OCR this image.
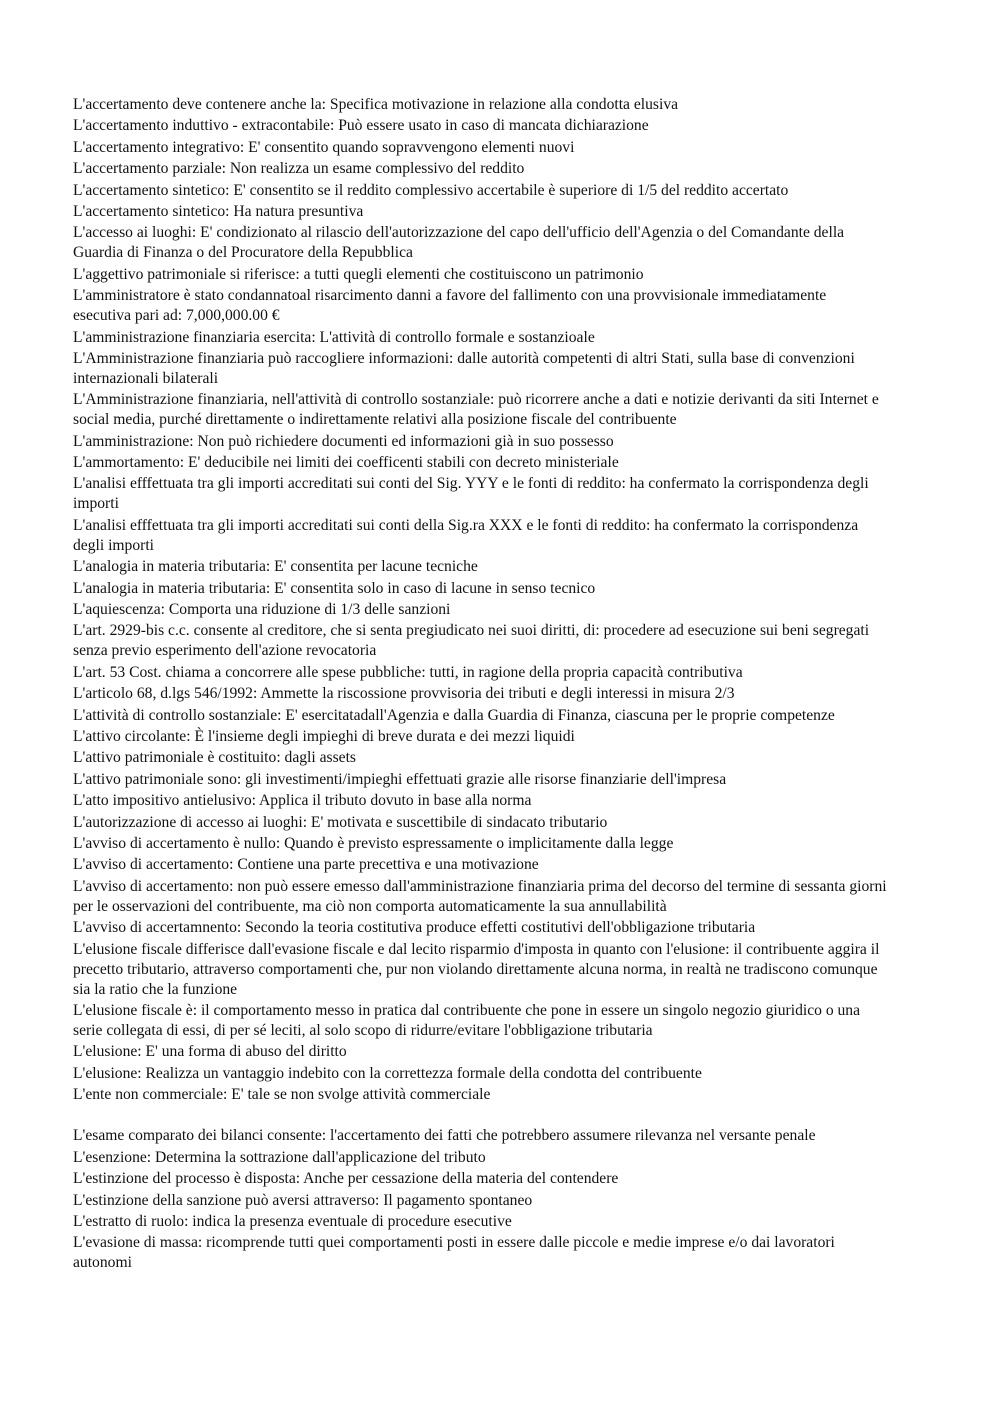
L'accertamento deve contenere anche la: Specifica motivazione in relazione alla condotta elusiva

L'accertamento induttivo - extracontabile: Può essere usato in caso di mancata dichiarazione

L'accertamento integrativo: E' consentito quando sopravvengono elementi nuovi

L'accertamento parziale: Non realizza un esame complessivo del reddito

L'accertamento sintetico: E' consentito se il reddito complessivo accertabile è superiore di 1/5 del reddito accertato

L'accertamento sintetico: Ha natura presuntiva

L'accesso ai luoghi: E' condizionato al rilascio dell'autorizzazione del capo dell'ufficio dell'Agenzia o del Comandante della Guardia di Finanza o del Procuratore della Repubblica

L'aggettivo patrimoniale si riferisce: a tutti quegli elementi che costituiscono un patrimonio

L'amministratore è stato condannatoal risarcimento danni a favore del fallimento con una provvisionale immediatamente esecutiva pari ad: 7,000,000.00 €

L'amministrazione finanziaria esercita: L'attività di controllo formale e sostanzioale

L'Amministrazione finanziaria può raccogliere informazioni: dalle autorità competenti di altri Stati, sulla base di convenzioni internazionali bilaterali

L'Amministrazione finanziaria, nell'attività di controllo sostanziale: può ricorrere anche a dati e notizie derivanti da siti Internet e social media, purché direttamente o indirettamente relativi alla posizione fiscale del contribuente

L'amministrazione: Non può richiedere documenti ed informazioni già in suo possesso

L'ammortamento: E' deducibile nei limiti dei coefficenti stabili con decreto ministeriale

L'analisi efffettuata tra gli importi accreditati sui conti del Sig. YYY e le fonti di reddito: ha confermato la corrispondenza degli importi

L'analisi efffettuata tra gli importi accreditati sui conti della Sig.ra XXX e le fonti di reddito: ha confermato la corrispondenza degli importi

L'analogia in materia tributaria: E' consentita per lacune tecniche

L'analogia in materia tributaria: E' consentita solo in caso di lacune in senso tecnico

L'aquiescenza: Comporta una riduzione di 1/3 delle sanzioni

L'art. 2929-bis c.c. consente al creditore, che si senta pregiudicato nei suoi diritti, di: procedere ad esecuzione sui beni segregati senza previo esperimento dell'azione revocatoria

L'art. 53 Cost. chiama a concorrere alle spese pubbliche: tutti, in ragione della propria capacità contributiva

L'articolo 68, d.lgs 546/1992: Ammette la riscossione provvisoria dei tributi e degli interessi in misura 2/3

L'attività di controllo sostanziale: E' esercitatadall'Agenzia e dalla Guardia di Finanza, ciascuna per le proprie competenze

L'attivo circolante: È l'insieme degli impieghi di breve durata e dei mezzi liquidi

L'attivo patrimoniale è costituito: dagli assets

L'attivo patrimoniale sono: gli investimenti/impieghi effettuati grazie alle risorse finanziarie dell'impresa

L'atto impositivo antielusivo: Applica il tributo dovuto in base alla norma

L'autorizzazione di accesso ai luoghi: E' motivata e suscettibile di sindacato tributario

L'avviso di accertamento è nullo: Quando è previsto espressamente o implicitamente dalla legge

L'avviso di accertamento: Contiene una parte precettiva e una motivazione

L'avviso di accertamento: non può essere emesso dall'amministrazione finanziaria prima del decorso del termine di sessanta giorni per le osservazioni del contribuente, ma ciò non comporta automaticamente la sua annullabilità

L'avviso di accertamnento: Secondo la teoria costitutiva produce effetti costitutivi dell'obbligazione tributaria

L'elusione fiscale differisce dall'evasione fiscale e dal lecito risparmio d'imposta in quanto con l'elusione: il contribuente aggira il precetto tributario, attraverso comportamenti che, pur non violando direttamente alcuna norma, in realtà ne tradiscono comunque sia la ratio che la funzione

L'elusione fiscale è: il comportamento messo in pratica dal contribuente che pone in essere un singolo negozio giuridico o una serie collegata di essi, di per sé leciti, al solo scopo di ridurre/evitare l'obbligazione tributaria

L'elusione: E' una forma di abuso del diritto

L'elusione: Realizza un vantaggio indebito con la correttezza formale della condotta del contribuente

L'ente non commerciale: E' tale se non svolge attività commerciale

L'esame comparato dei bilanci consente: l'accertamento dei fatti che potrebbero assumere rilevanza nel versante penale

L'esenzione: Determina la sottrazione dall'applicazione del tributo

L'estinzione del processo è disposta: Anche per cessazione della materia del contendere

L'estinzione della sanzione può aversi attraverso: Il pagamento spontaneo

L'estratto di ruolo: indica la presenza eventuale di procedure esecutive

L'evasione di massa: ricomprende tutti quei comportamenti posti in essere dalle piccole e medie imprese e/o dai lavoratori autonomi
